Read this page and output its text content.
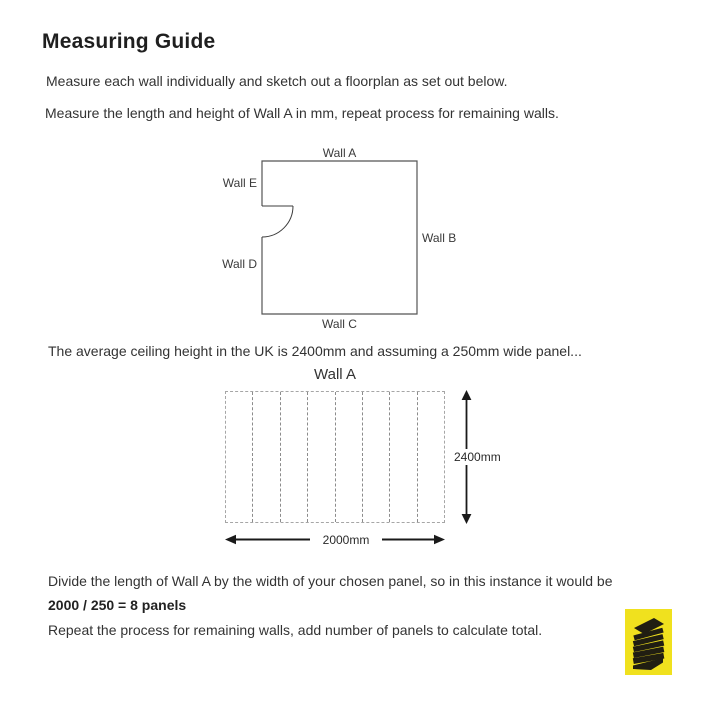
Measuring Guide
Measure each wall individually and sketch out a floorplan as set out below.
Measure the length and height of Wall A in mm, repeat process for remaining walls.
Wall A
Wall B
Wall C
Wall D
Wall E
The average ceiling height in the UK is 2400mm and assuming a 250mm wide panel...
Wall A
2400mm
2000mm
Divide the length of Wall A by the width of your chosen panel, so in this instance it would be
2000 / 250 = 8 panels
Repeat the process for remaining walls, add number of panels to calculate total.
